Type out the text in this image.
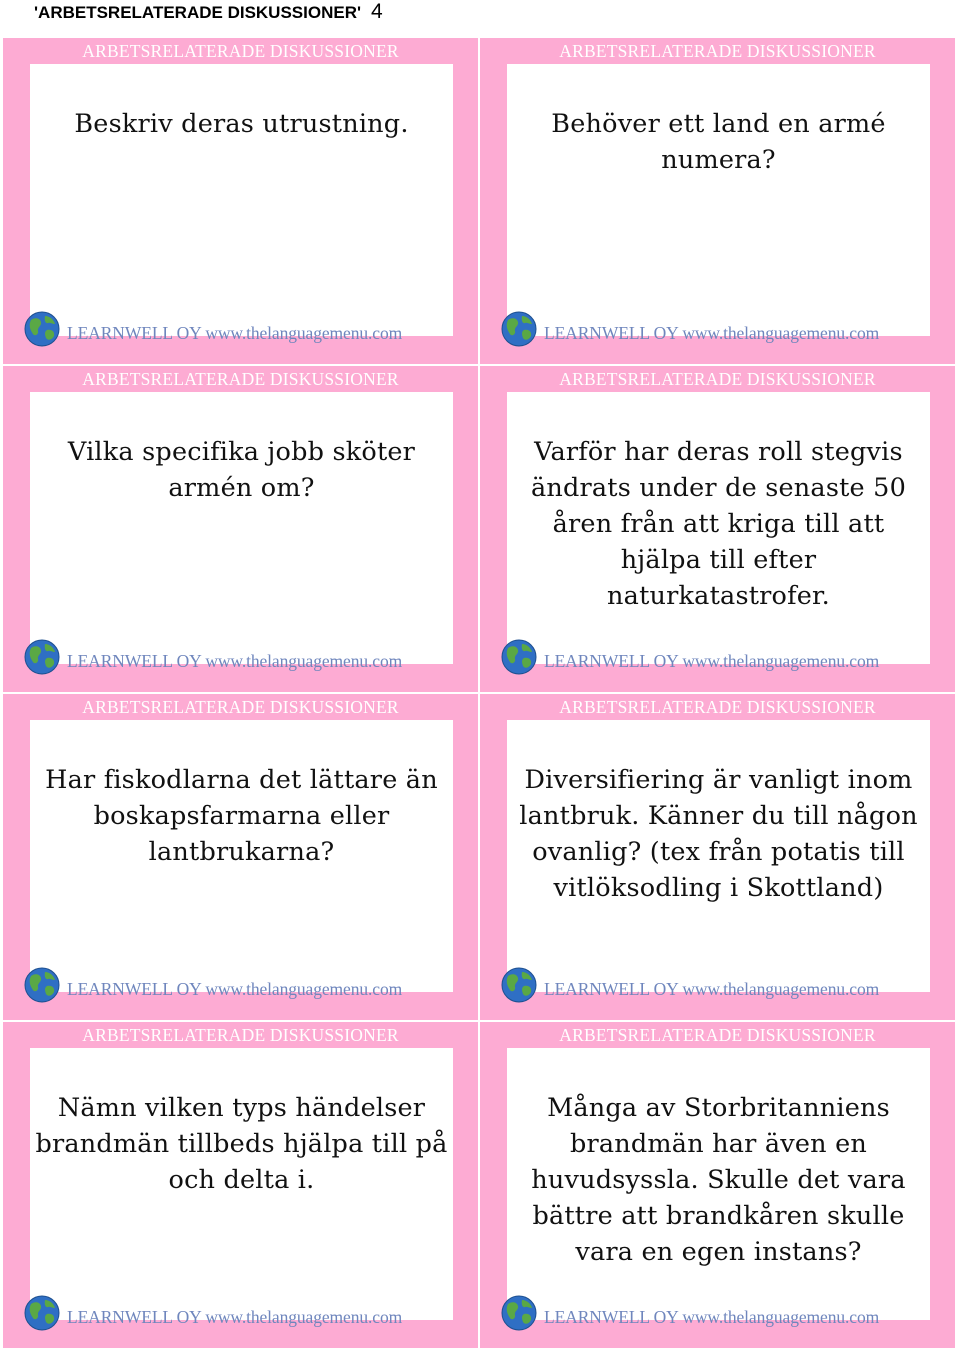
'ARBETSRELATERADE DISKUSSIONER' 4
ARBETSRELATERADE DISKUSSIONER
Beskriv deras utrustning.
LEARNWELL OY www.thelanguagemenu.com
ARBETSRELATERADE DISKUSSIONER
Behöver ett land en armé numera?
LEARNWELL OY www.thelanguagemenu.com
ARBETSRELATERADE DISKUSSIONER
Vilka specifika jobb sköter armén om?
LEARNWELL OY www.thelanguagemenu.com
ARBETSRELATERADE DISKUSSIONER
Varför har deras roll stegvis ändrats under de senaste 50 åren från att kriga till att hjälpa till efter naturkatastrofer.
LEARNWELL OY www.thelanguagemenu.com
ARBETSRELATERADE DISKUSSIONER
Har fiskodlarna det lättare än boskapsfarmarna eller lantbrukarna?
LEARNWELL OY www.thelanguagemenu.com
ARBETSRELATERADE DISKUSSIONER
Diversifiering är vanligt inom lantbruk. Känner du till någon ovanlig? (tex från potatis till vitlöksodling i Skottland)
LEARNWELL OY www.thelanguagemenu.com
ARBETSRELATERADE DISKUSSIONER
Nämn vilken typs händelser brandmän tillbeds hjälpa till på och delta i.
LEARNWELL OY www.thelanguagemenu.com
ARBETSRELATERADE DISKUSSIONER
Många av Storbritanniens brandmän har även en huvudsyssla. Skulle det vara bättre att brandkåren skulle vara en egen instans?
LEARNWELL OY www.thelanguagemenu.com
